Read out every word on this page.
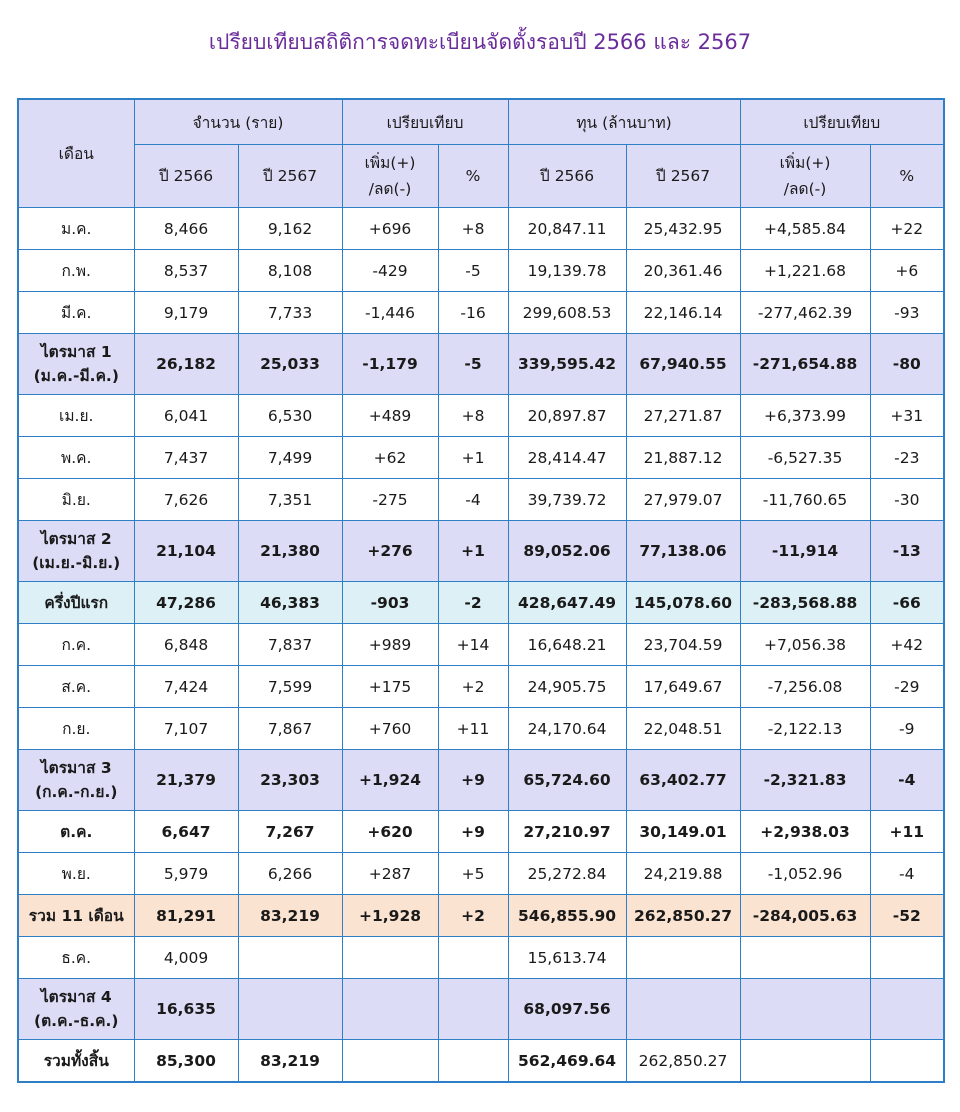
เปรียบเทียบสถิติการจดทะเบียนจัดตั้งรอบปี 2566 และ 2567
เดือน	จำนวน (ราย)		เปรียบเทียบ		ทุน (ล้านบาท)		เปรียบเทียบ	
	ปี 2566	ปี 2567	เพิ่ม(+)
/ลด(-)	%	ปี 2566	ปี 2567	เพิ่ม(+)
/ลด(-)	%
ม.ค.	8,466	9,162	+696	+8	20,847.11	25,432.95	+4,585.84	+22
ก.พ.	8,537	8,108	-429	-5	19,139.78	20,361.46	+1,221.68	+6
มี.ค.	9,179	7,733	-1,446	-16	299,608.53	22,146.14	-277,462.39	-93
ไตรมาส 1
(ม.ค.-มี.ค.)	26,182	25,033	-1,179	-5	339,595.42	67,940.55	-271,654.88	-80
เม.ย.	6,041	6,530	+489	+8	20,897.87	27,271.87	+6,373.99	+31
พ.ค.	7,437	7,499	+62	+1	28,414.47	21,887.12	-6,527.35	-23
มิ.ย.	7,626	7,351	-275	-4	39,739.72	27,979.07	-11,760.65	-30
ไตรมาส 2
(เม.ย.-มิ.ย.)	21,104	21,380	+276	+1	89,052.06	77,138.06	-11,914	-13
ครึ่งปีแรก	47,286	46,383	-903	-2	428,647.49	145,078.60	-283,568.88	-66
ก.ค.	6,848	7,837	+989	+14	16,648.21	23,704.59	+7,056.38	+42
ส.ค.	7,424	7,599	+175	+2	24,905.75	17,649.67	-7,256.08	-29
ก.ย.	7,107	7,867	+760	+11	24,170.64	22,048.51	-2,122.13	-9
ไตรมาส 3
(ก.ค.-ก.ย.)	21,379	23,303	+1,924	+9	65,724.60	63,402.77	-2,321.83	-4
ต.ค.	6,647	7,267	+620	+9	27,210.97	30,149.01	+2,938.03	+11
พ.ย.	5,979	6,266	+287	+5	25,272.84	24,219.88	-1,052.96	-4
รวม 11 เดือน	81,291	83,219	+1,928	+2	546,855.90	262,850.27	-284,005.63	-52
ธ.ค.	4,009				15,613.74			
ไตรมาส 4
(ต.ค.-ธ.ค.)	16,635				68,097.56			
รวมทั้งสิ้น	85,300	83,219			562,469.64	262,850.27		
